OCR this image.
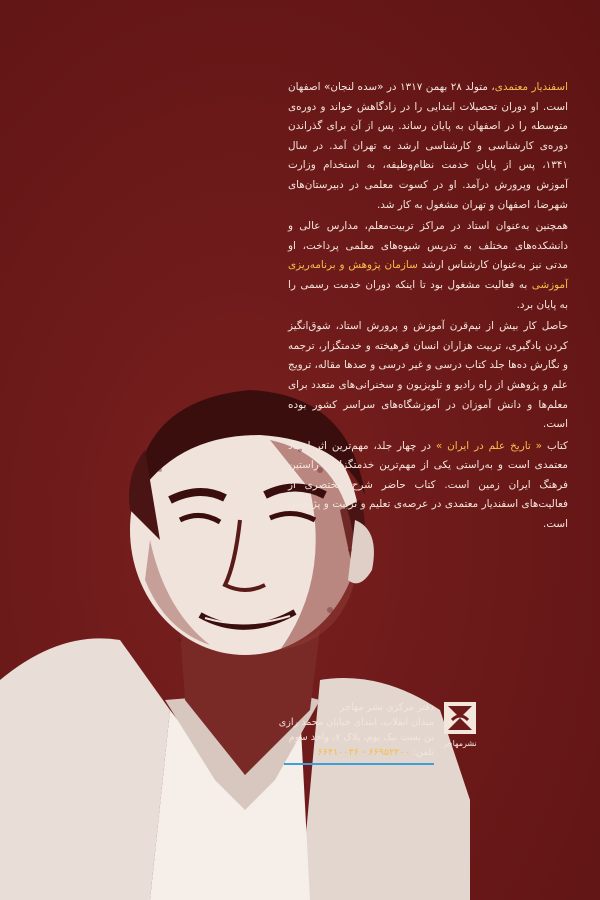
اسفندیار معتمدی، متولد ۲۸ بهمن ۱۳۱۷ در «سده لنجان» اصفهان است. او دوران تحصیلات ابتدایی را در زادگاهش خواند و دوره‌ی متوسطه را در اصفهان به پایان رساند. پس از آن برای گذراندن دوره‌ی کارشناسی و کارشناسی ارشد به تهران آمد. در سال ۱۳۴۱، پس از پایان خدمت نظام‌وظیفه، به استخدام وزارت آموزش وپرورش درآمد. او در کسوت معلمی در دبیرستان‌های شهرضا، اصفهان و تهران مشغول به کار شد.

همچنین به‌عنوان استاد در مراکز تربیت‌معلم، مدارس عالی و دانشکده‌های مختلف به تدریس شیوه‌های معلمی پرداخت، او مدتی نیز به‌عنوان کارشناس ارشد سازمان پژوهش و برنامه‌ریزی آموزشی به فعالیت مشغول بود تا اینکه دوران خدمت رسمی را به پایان برد.

حاصل کار بیش از نیم‌قرن آموزش و پرورش استاد، شوق‌انگیز کردن یادگیری، تربیت هزاران انسان فرهیخته و خدمتگزار، ترجمه و نگارش ده‌ها جلد کتاب درسی و غیر درسی و صدها مقاله، ترویج علم و پژوهش از راه رادیو و تلویزیون و سخنرانی‌های متعدد برای معلم‌ها و دانش آموزان در آموزشگاه‌های سراسر کشور بوده است.

کتاب « تاریخ علم در ایران » در چهار جلد، مهم‌ترین اثر استاد معتمدی است و به‌راستی یکی از مهم‌ترین خدمتگزاران راستین فرهنگ ایران زمین است. کتاب حاضر شرح مختصری از فعالیت‌های اسفندیار معتمدی در عرصه‌ی تعلیم و تربیت و پژوهش است.

نشرمهاجر
دفتر مرکزی نشر مهاجر
میدان انقلاب، ابتدای خیابان محمد رازی
بن بست نیک بوم، پلاک ۷، واحد سوم
تلفن: ۶۶۹۵۲۲۰۰ - ۶۶۴۱۰۰۳۶
